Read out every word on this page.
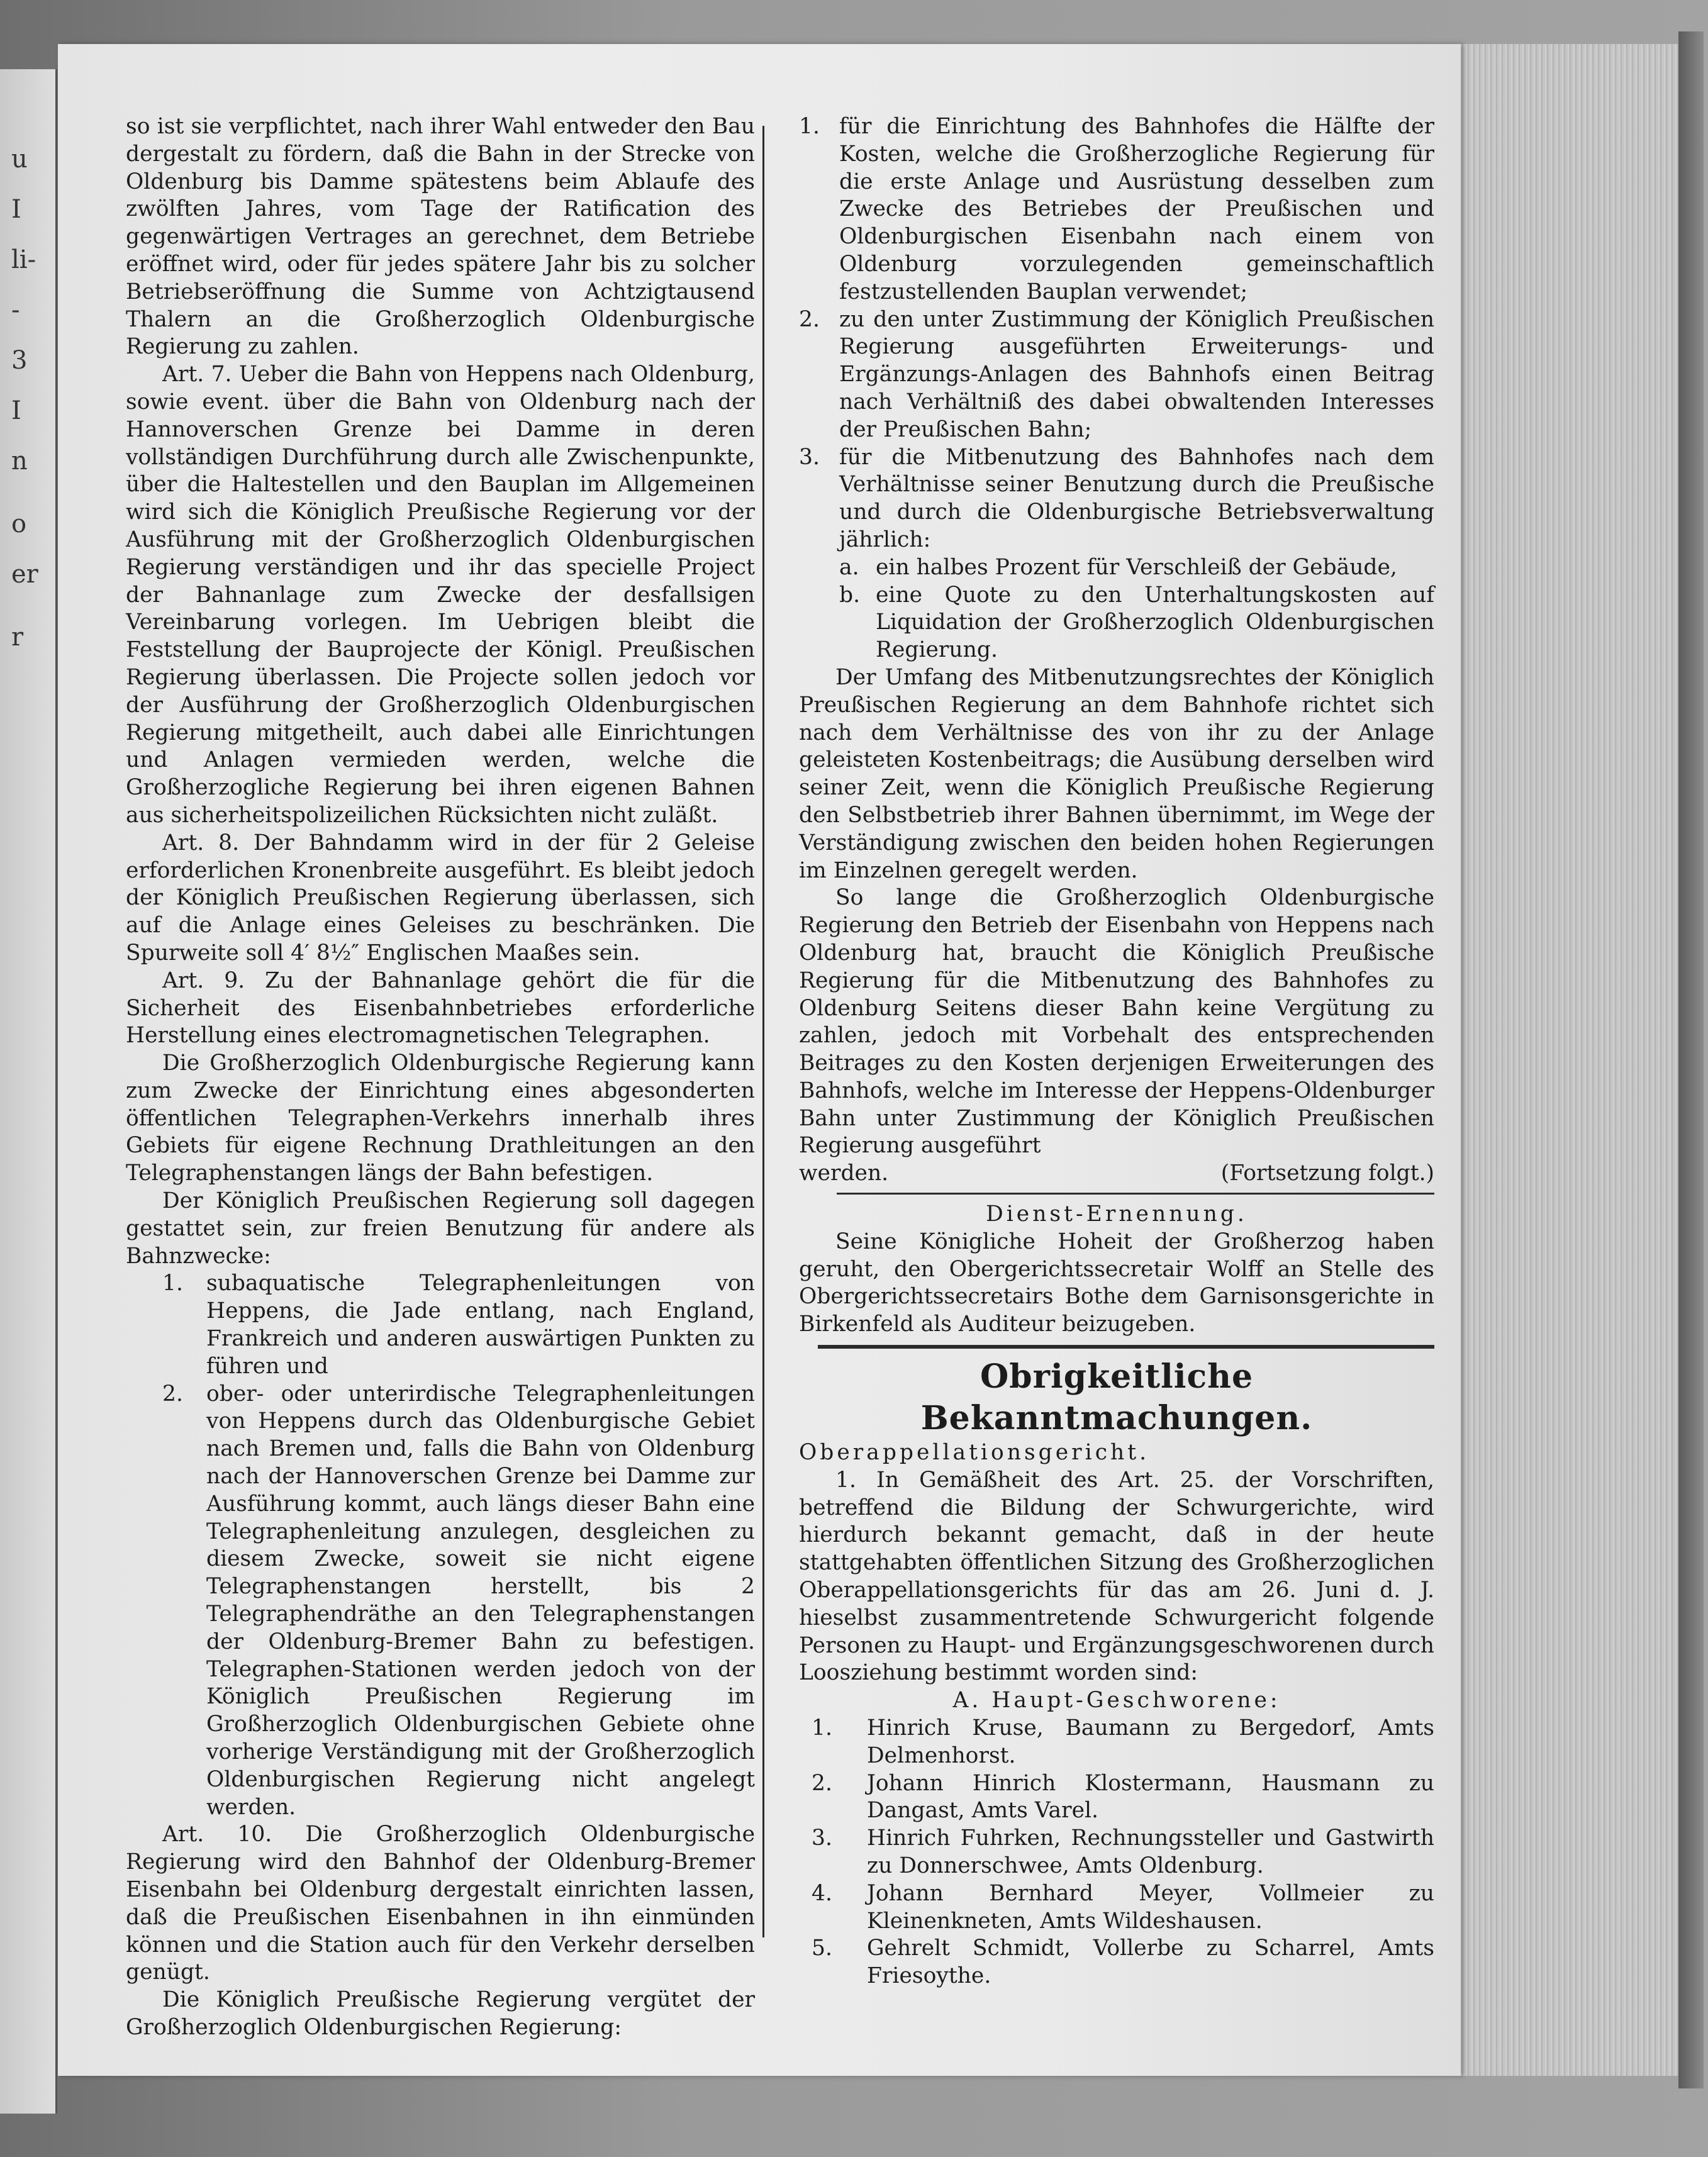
u
I
li-
-
3
I
n
o
er
r

so ist sie verpflichtet, nach ihrer Wahl entweder den Bau dergestalt zu fördern, daß die Bahn in der Strecke von Oldenburg bis Damme spätestens beim Ablaufe des zwölften Jahres, vom Tage der Ratification des gegenwärtigen Vertrages an gerechnet, dem Betriebe eröffnet wird, oder für jedes spätere Jahr bis zu solcher Betriebseröffnung die Summe von Achtzigtausend Thalern an die Großherzoglich Oldenburgische Regierung zu zahlen.

Art. 7. Ueber die Bahn von Heppens nach Oldenburg, sowie event. über die Bahn von Oldenburg nach der Hannoverschen Grenze bei Damme in deren vollständigen Durchführung durch alle Zwischenpunkte, über die Haltestellen und den Bauplan im Allgemeinen wird sich die Königlich Preußische Regierung vor der Ausführung mit der Großherzoglich Oldenburgischen Regierung verständigen und ihr das specielle Project der Bahnanlage zum Zwecke der desfallsigen Vereinbarung vorlegen. Im Uebrigen bleibt die Feststellung der Bauprojecte der Königl. Preußischen Regierung überlassen. Die Projecte sollen jedoch vor der Ausführung der Großherzoglich Oldenburgischen Regierung mitgetheilt, auch dabei alle Einrichtungen und Anlagen vermieden werden, welche die Großherzogliche Regierung bei ihren eigenen Bahnen aus sicherheitspolizeilichen Rücksichten nicht zuläßt.

Art. 8. Der Bahndamm wird in der für 2 Geleise erforderlichen Kronenbreite ausgeführt. Es bleibt jedoch der Königlich Preußischen Regierung überlassen, sich auf die Anlage eines Geleises zu beschränken. Die Spurweite soll 4′ 8½″ Englischen Maaßes sein.

Art. 9. Zu der Bahnanlage gehört die für die Sicherheit des Eisenbahnbetriebes erforderliche Herstellung eines electromagnetischen Telegraphen.

Die Großherzoglich Oldenburgische Regierung kann zum Zwecke der Einrichtung eines abgesonderten öffentlichen Telegraphen-Verkehrs innerhalb ihres Gebiets für eigene Rechnung Drathleitungen an den Telegraphenstangen längs der Bahn befestigen.

Der Königlich Preußischen Regierung soll dagegen gestattet sein, zur freien Benutzung für andere als Bahnzwecke:

1.	subaquatische Telegraphenleitungen von Heppens, die Jade entlang, nach England, Frankreich und anderen auswärtigen Punkten zu führen und
2.	ober- oder unterirdische Telegraphenleitungen von Heppens durch das Oldenburgische Gebiet nach Bremen und, falls die Bahn von Oldenburg nach der Hannoverschen Grenze bei Damme zur Ausführung kommt, auch längs dieser Bahn eine Telegraphenleitung anzulegen, desgleichen zu diesem Zwecke, soweit sie nicht eigene Telegraphenstangen herstellt, bis 2 Telegraphendräthe an den Telegraphenstangen der Oldenburg-Bremer Bahn zu befestigen. Telegraphen-Stationen werden jedoch von der Königlich Preußischen Regierung im Großherzoglich Oldenburgischen Gebiete ohne vorherige Verständigung mit der Großherzoglich Oldenburgischen Regierung nicht angelegt werden.

Art. 10. Die Großherzoglich Oldenburgische Regierung wird den Bahnhof der Oldenburg-Bremer Eisenbahn bei Oldenburg dergestalt einrichten lassen, daß die Preußischen Eisenbahnen in ihn einmünden können und die Station auch für den Verkehr derselben genügt.

Die Königlich Preußische Regierung vergütet der Großherzoglich Oldenburgischen Regierung:

1. für die Einrichtung des Bahnhofes die Hälfte der Kosten, welche die Großherzogliche Regierung für die erste Anlage und Ausrüstung desselben zum Zwecke des Betriebes der Preußischen und Oldenburgischen Eisenbahn nach einem von Oldenburg vorzulegenden gemeinschaftlich festzustellenden Bauplan verwendet;
2. zu den unter Zustimmung der Königlich Preußischen Regierung ausgeführten Erweiterungs- und Ergänzungs-Anlagen des Bahnhofs einen Beitrag nach Verhältniß des dabei obwaltenden Interesses der Preußischen Bahn;
3. für die Mitbenutzung des Bahnhofes nach dem Verhältnisse seiner Benutzung durch die Preußische und durch die Oldenburgische Betriebsverwaltung jährlich:
a. ein halbes Prozent für Verschleiß der Gebäude,
b. eine Quote zu den Unterhaltungskosten auf Liquidation der Großherzoglich Oldenburgischen Regierung.

Der Umfang des Mitbenutzungsrechtes der Königlich Preußischen Regierung an dem Bahnhofe richtet sich nach dem Verhältnisse des von ihr zu der Anlage geleisteten Kostenbeitrags; die Ausübung derselben wird seiner Zeit, wenn die Königlich Preußische Regierung den Selbstbetrieb ihrer Bahnen übernimmt, im Wege der Verständigung zwischen den beiden hohen Regierungen im Einzelnen geregelt werden.

So lange die Großherzoglich Oldenburgische Regierung den Betrieb der Eisenbahn von Heppens nach Oldenburg hat, braucht die Königlich Preußische Regierung für die Mitbenutzung des Bahnhofes zu Oldenburg Seitens dieser Bahn keine Vergütung zu zahlen, jedoch mit Vorbehalt des entsprechenden Beitrages zu den Kosten derjenigen Erweiterungen des Bahnhofs, welche im Interesse der Heppens-Oldenburger Bahn unter Zustimmung der Königlich Preußischen Regierung ausgeführt

werden.	(Fortsetzung folgt.)

Dienst-Ernennung.

Seine Königliche Hoheit der Großherzog haben geruht, den Obergerichtssecretair Wolff an Stelle des Obergerichtssecretairs Bothe dem Garnisonsgerichte in Birkenfeld als Auditeur beizugeben.

Obrigkeitliche Bekanntmachungen.

Oberappellationsgericht.

1. In Gemäßheit des Art. 25. der Vorschriften, betreffend die Bildung der Schwurgerichte, wird hierdurch bekannt gemacht, daß in der heute stattgehabten öffentlichen Sitzung des Großherzoglichen Oberappellationsgerichts für das am 26. Juni d. J. hieselbst zusammentretende Schwurgericht folgende Personen zu Haupt- und Ergänzungsgeschworenen durch Loosziehung bestimmt worden sind:

A. Haupt-Geschworene:

1.	Hinrich Kruse, Baumann zu Bergedorf, Amts Delmenhorst.
2.	Johann Hinrich Klostermann, Hausmann zu Dangast, Amts Varel.
3.	Hinrich Fuhrken, Rechnungssteller und Gastwirth zu Donnerschwee, Amts Oldenburg.
4.	Johann Bernhard Meyer, Vollmeier zu Kleinenkneten, Amts Wildeshausen.
5.	Gehrelt Schmidt, Vollerbe zu Scharrel, Amts Friesoythe.
